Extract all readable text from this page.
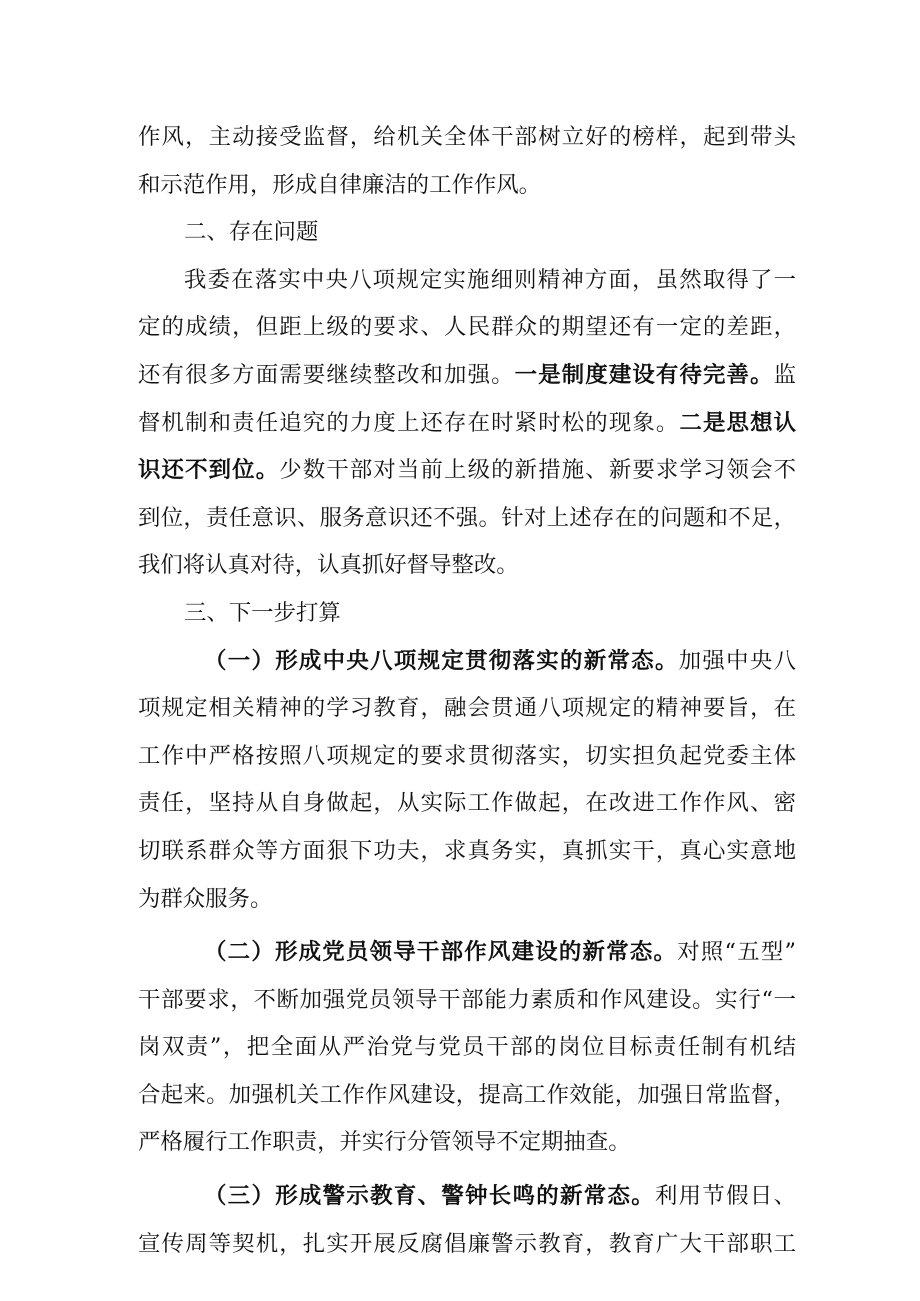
作风，主动接受监督，给机关全体干部树立好的榜样，起到带头
和示范作用，形成自律廉洁的工作作风。
二、存在问题
我委在落实中央八项规定实施细则精神方面，虽然取得了一
定的成绩，但距上级的要求、人民群众的期望还有一定的差距，
还有很多方面需要继续整改和加强。一是制度建设有待完善。监
督机制和责任追究的力度上还存在时紧时松的现象。二是思想认
识还不到位。少数干部对当前上级的新措施、新要求学习领会不
到位，责任意识、服务意识还不强。针对上述存在的问题和不足，
我们将认真对待，认真抓好督导整改。
三、下一步打算
（一）形成中央八项规定贯彻落实的新常态。加强中央八
项规定相关精神的学习教育，融会贯通八项规定的精神要旨，在
工作中严格按照八项规定的要求贯彻落实，切实担负起党委主体
责任，坚持从自身做起，从实际工作做起，在改进工作作风、密
切联系群众等方面狠下功夫，求真务实，真抓实干，真心实意地
为群众服务。
（二）形成党员领导干部作风建设的新常态。对照“五型”
干部要求，不断加强党员领导干部能力素质和作风建设。实行“一
岗双责”，把全面从严治党与党员干部的岗位目标责任制有机结
合起来。加强机关工作作风建设，提高工作效能，加强日常监督，
严格履行工作职责，并实行分管领导不定期抽查。
（三）形成警示教育、警钟长鸣的新常态。利用节假日、
宣传周等契机，扎实开展反腐倡廉警示教育，教育广大干部职工
